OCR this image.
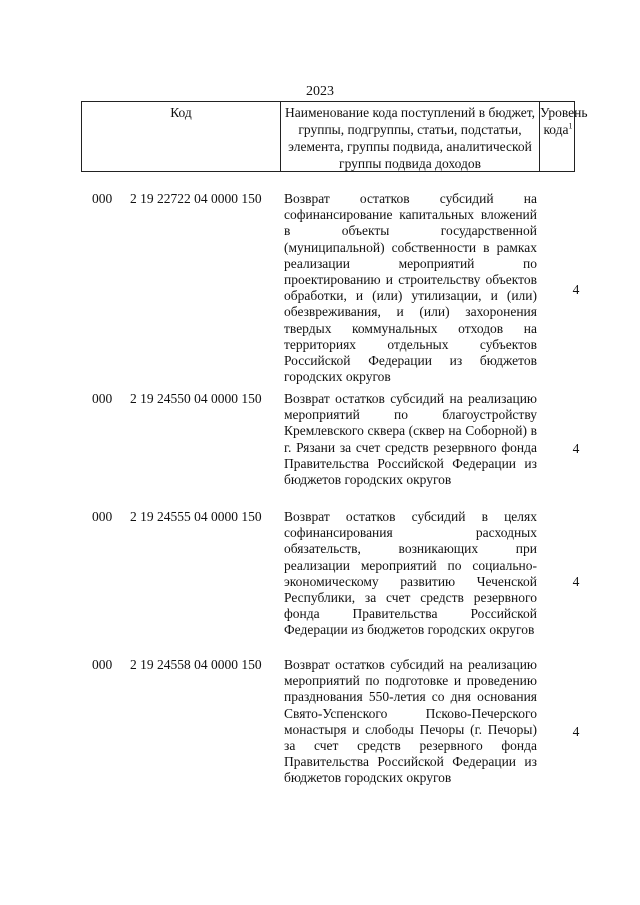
2023
Код	Наименование кода поступлений в бюджет, группы, подгруппы, статьи, подстатьи, элемента, группы подвида, аналитической группы подвида доходов
Уровень кода$^1$
000 2 19 22722 04 0000 150 Возврат остатков субсидий на софинансирование капитальных вложений в объекты государственной (муниципальной) собственности в рамках реализации мероприятий по проектированию и строительству объектов обработки, и (или) утилизации, и (или) обезвреживания, и (или) захоронения твердых коммунальных отходов на территориях отдельных субъектов Российской Федерации из бюджетов городских округов
4
000 2 19 24550 04 0000 150 Возврат остатков субсидий на реализацию мероприятий по благоустройству Кремлевского сквера (сквер на Соборной) в г. Рязани за счет средств резервного фонда Правительства Российской Федерации из бюджетов городских округов
4
000 2 19 24555 04 0000 150 Возврат остатков субсидий в целях софинансирования расходных обязательств, возникающих при реализации мероприятий по социально-экономическому развитию Чеченской Республики, за счет средств резервного фонда Правительства Российской Федерации из бюджетов городских округов
4
000 2 19 24558 04 0000 150 Возврат остатков субсидий на реализацию мероприятий по подготовке и проведению празднования 550-летия со дня основания Свято-Успенского Псково-Печерского монастыря и слободы Печоры (г. Печоры) за счет средств резервного фонда Правительства Российской Федерации из бюджетов городских округов
4
